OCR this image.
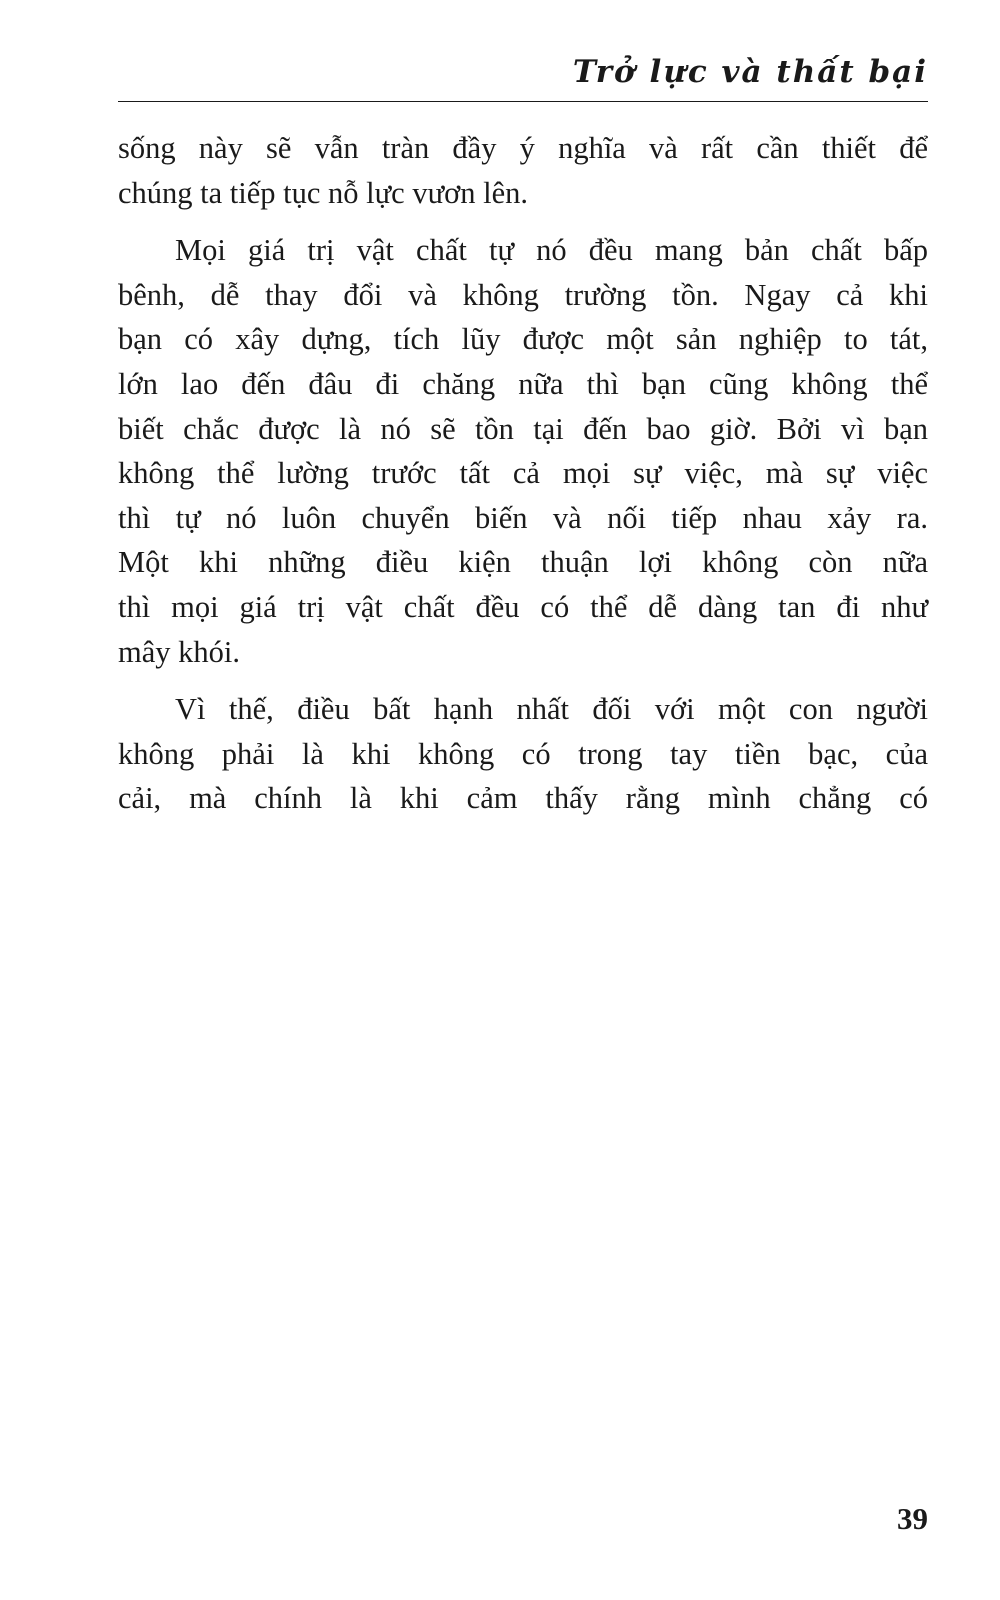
Trở lực và thất bại

sống này sẽ vẫn tràn đầy ý nghĩa và rất cần thiết để
chúng ta tiếp tục nỗ lực vươn lên.

Mọi giá trị vật chất tự nó đều mang bản chất bấp
bênh, dễ thay đổi và không trường tồn. Ngay cả khi
bạn có xây dựng, tích lũy được một sản nghiệp to tát,
lớn lao đến đâu đi chăng nữa thì bạn cũng không thể
biết chắc được là nó sẽ tồn tại đến bao giờ. Bởi vì bạn
không thể lường trước tất cả mọi sự việc, mà sự việc
thì tự nó luôn chuyển biến và nối tiếp nhau xảy ra.
Một khi những điều kiện thuận lợi không còn nữa
thì mọi giá trị vật chất đều có thể dễ dàng tan đi như
mây khói.

Vì thế, điều bất hạnh nhất đối với một con người
không phải là khi không có trong tay tiền bạc, của
cải, mà chính là khi cảm thấy rằng mình chẳng có

39
